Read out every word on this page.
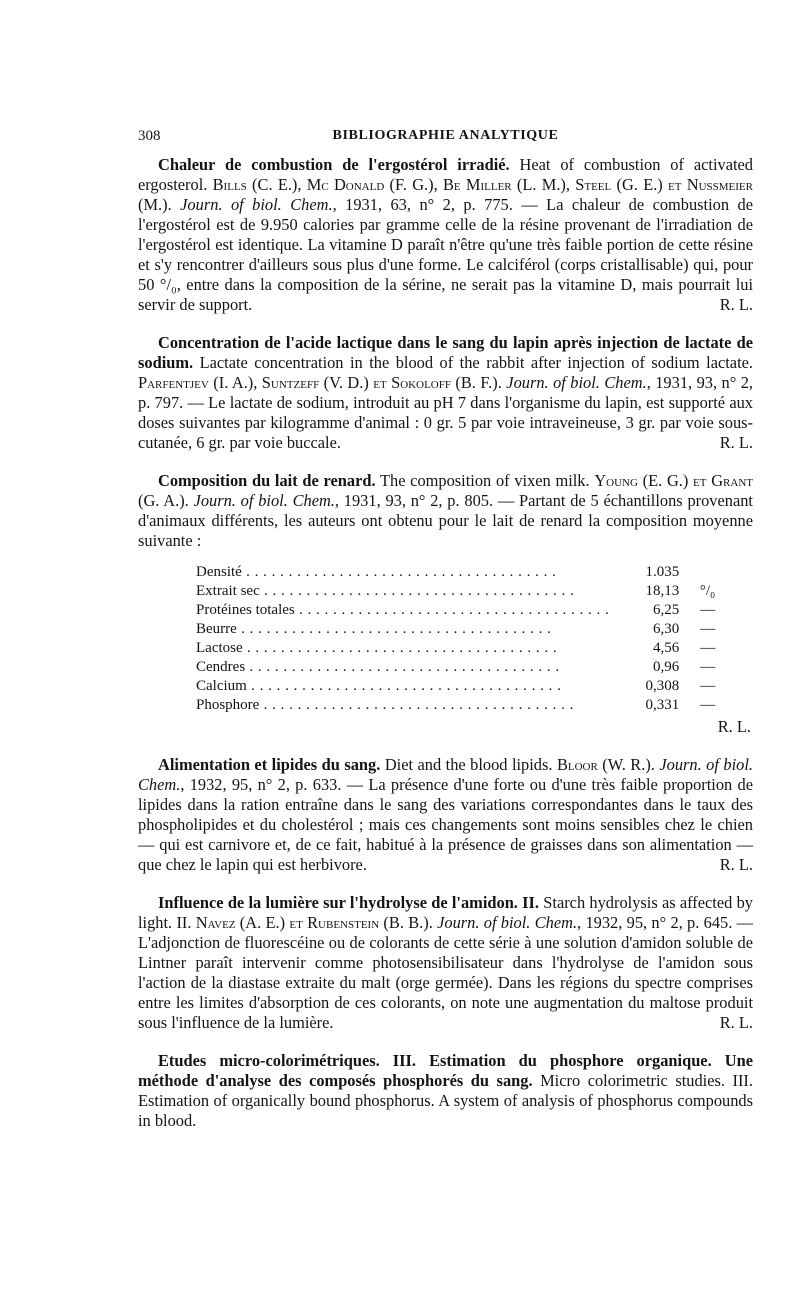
308	BIBLIOGRAPHIE ANALYTIQUE

Chaleur de combustion de l'ergostérol irradié. Heat of combustion of activated ergosterol. Bills (C. E.), Mc Donald (F. G.), Be Miller (L. M.), Steel (G. E.) et Nussmeier (M.). Journ. of biol. Chem., 1931, 63, n° 2, p. 775. — La chaleur de combustion de l'ergostérol est de 9.950 calories par gramme celle de la résine provenant de l'irradiation de l'ergostérol est identique. La vitamine D paraît n'être qu'une très faible portion de cette résine et s'y rencontrer d'ailleurs sous plus d'une forme. Le calciférol (corps cristallisable) qui, pour 50 °/₀, entre dans la composition de la sérine, ne serait pas la vitamine D, mais pourrait lui servir de support.	R. L.

Concentration de l'acide lactique dans le sang du lapin après injection de lactate de sodium. Lactate concentration in the blood of the rabbit after injection of sodium lactate. Parfentjev (I. A.), Suntzeff (V. D.) et Sokoloff (B. F.). Journ. of biol. Chem., 1931, 93, n° 2, p. 797. — Le lactate de sodium, introduit au pH 7 dans l'organisme du lapin, est supporté aux doses suivantes par kilogramme d'animal : 0 gr. 5 par voie intraveineuse, 3 gr. par voie sous-cutanée, 6 gr. par voie buccale.	R. L.

Composition du lait de renard. The composition of vixen milk. Young (E. G.) et Grant (G. A.). Journ. of biol. Chem., 1931, 93, n° 2, p. 805. — Partant de 5 échantillons provenant d'animaux différents, les auteurs ont obtenu pour le lait de renard la composition moyenne suivante :

Densité . . .	1.035	
Extrait sec . . .	18,13	°/₀
Protéines totales . . .	6,25	—
Beurre . . .	6,30	—
Lactose . . .	4,56	—
Cendres . . .	0,96	—
Calcium . . .	0,308	—
Phosphore . . .	0,331	—
R. L.

Alimentation et lipides du sang. Diet and the blood lipids. Bloor (W. R.). Journ. of biol. Chem., 1932, 95, n° 2, p. 633. — La présence d'une forte ou d'une très faible proportion de lipides dans la ration entraîne dans le sang des variations correspondantes dans le taux des phospholipides et du cholestérol ; mais ces changements sont moins sensibles chez le chien — qui est carnivore et, de ce fait, habitué à la présence de graisses dans son alimentation — que chez le lapin qui est herbivore.	R. L.

Influence de la lumière sur l'hydrolyse de l'amidon. II. Starch hydrolysis as affected by light. II. Navez (A. E.) et Rubenstein (B. B.). Journ. of biol. Chem., 1932, 95, n° 2, p. 645. — L'adjonction de fluorescéine ou de colorants de cette série à une solution d'amidon soluble de Lintner paraît intervenir comme photosensibilisateur dans l'hydrolyse de l'amidon sous l'action de la diastase extraite du malt (orge germée). Dans les régions du spectre comprises entre les limites d'absorption de ces colorants, on note une augmentation du maltose produit sous l'influence de la lumière.	R. L.

Etudes micro-colorimétriques. III. Estimation du phosphore organique. Une méthode d'analyse des composés phosphorés du sang. Micro colorimetric studies. III. Estimation of organically bound phosphorus. A system of analysis of phosphorus compounds in blood.
